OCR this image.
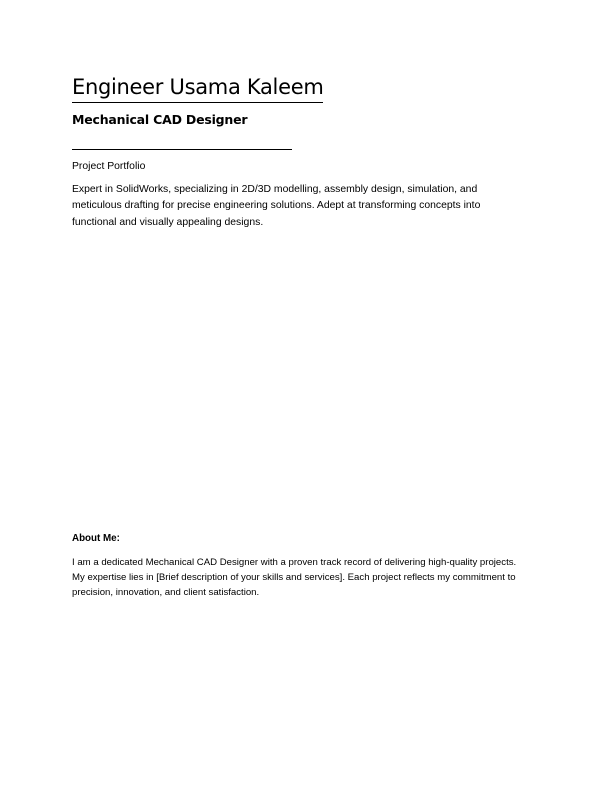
Engineer Usama Kaleem
Mechanical CAD Designer

Project Portfolio

Expert in SolidWorks, specializing in 2D/3D modelling, assembly design, simulation, and
meticulous drafting for precise engineering solutions. Adept at transforming concepts into
functional and visually appealing designs.

About Me:

I am a dedicated Mechanical CAD Designer with a proven track record of delivering high-quality projects.
My expertise lies in [Brief description of your skills and services]. Each project reflects my commitment to
precision, innovation, and client satisfaction.
